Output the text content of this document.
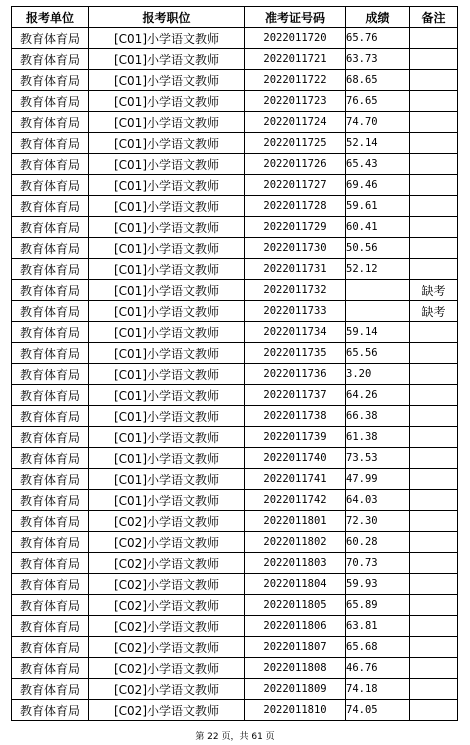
报考单位	报考职位	准考证号码	成绩	备注
教育体育局	[C01]小学语文教师	2022011720	65.76	
教育体育局	[C01]小学语文教师	2022011721	63.73	
教育体育局	[C01]小学语文教师	2022011722	68.65	
教育体育局	[C01]小学语文教师	2022011723	76.65	
教育体育局	[C01]小学语文教师	2022011724	74.70	
教育体育局	[C01]小学语文教师	2022011725	52.14	
教育体育局	[C01]小学语文教师	2022011726	65.43	
教育体育局	[C01]小学语文教师	2022011727	69.46	
教育体育局	[C01]小学语文教师	2022011728	59.61	
教育体育局	[C01]小学语文教师	2022011729	60.41	
教育体育局	[C01]小学语文教师	2022011730	50.56	
教育体育局	[C01]小学语文教师	2022011731	52.12	
教育体育局	[C01]小学语文教师	2022011732		缺考
教育体育局	[C01]小学语文教师	2022011733		缺考
教育体育局	[C01]小学语文教师	2022011734	59.14	
教育体育局	[C01]小学语文教师	2022011735	65.56	
教育体育局	[C01]小学语文教师	2022011736	3.20	
教育体育局	[C01]小学语文教师	2022011737	64.26	
教育体育局	[C01]小学语文教师	2022011738	66.38	
教育体育局	[C01]小学语文教师	2022011739	61.38	
教育体育局	[C01]小学语文教师	2022011740	73.53	
教育体育局	[C01]小学语文教师	2022011741	47.99	
教育体育局	[C01]小学语文教师	2022011742	64.03	
教育体育局	[C02]小学语文教师	2022011801	72.30	
教育体育局	[C02]小学语文教师	2022011802	60.28	
教育体育局	[C02]小学语文教师	2022011803	70.73	
教育体育局	[C02]小学语文教师	2022011804	59.93	
教育体育局	[C02]小学语文教师	2022011805	65.89	
教育体育局	[C02]小学语文教师	2022011806	63.81	
教育体育局	[C02]小学语文教师	2022011807	65.68	
教育体育局	[C02]小学语文教师	2022011808	46.76	
教育体育局	[C02]小学语文教师	2022011809	74.18	
教育体育局	[C02]小学语文教师	2022011810	74.05	
第 22 页，共 61 页
